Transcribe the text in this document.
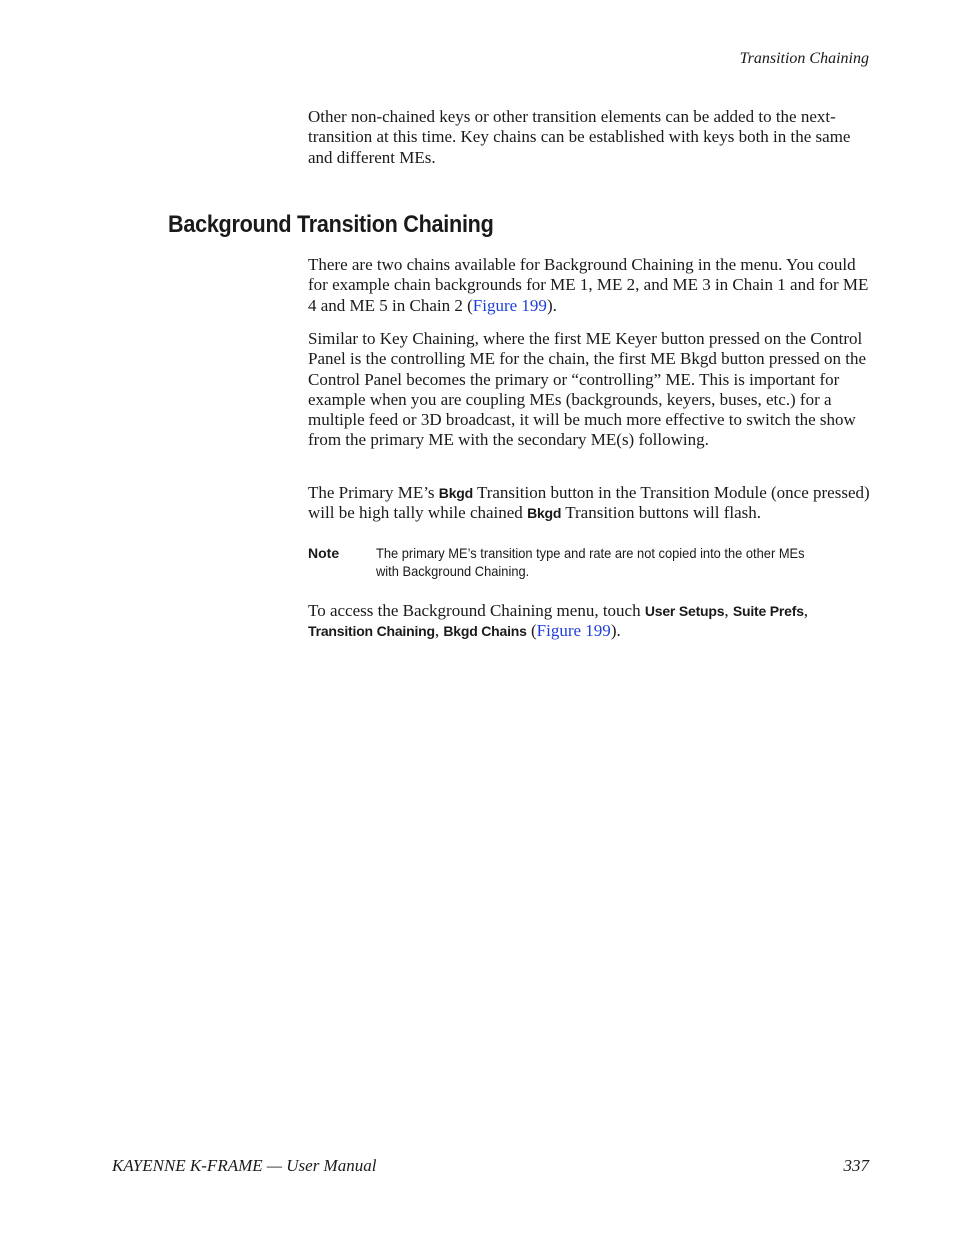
Transition Chaining

Other non-chained keys or other transition elements can be added to the next-transition at this time. Key chains can be established with keys both in the same and different MEs.

Background Transition Chaining

There are two chains available for Background Chaining in the menu. You could for example chain backgrounds for ME 1, ME 2, and ME 3 in Chain 1 and for ME 4 and ME 5 in Chain 2 (Figure 199).

Similar to Key Chaining, where the first ME Keyer button pressed on the Control Panel is the controlling ME for the chain, the first ME Bkgd button pressed on the Control Panel becomes the primary or “controlling” ME. This is important for example when you are coupling MEs (backgrounds, keyers, buses, etc.) for a multiple feed or 3D broadcast, it will be much more effective to switch the show from the primary ME with the secondary ME(s) following.

The Primary ME’s Bkgd Transition button in the Transition Module (once pressed) will be high tally while chained Bkgd Transition buttons will flash.

Note	The primary ME’s transition type and rate are not copied into the other MEs with Background Chaining.

To access the Background Chaining menu, touch User Setups, Suite Prefs, Transition Chaining, Bkgd Chains (Figure 199).

KAYENNE K-FRAME — User Manual	337
